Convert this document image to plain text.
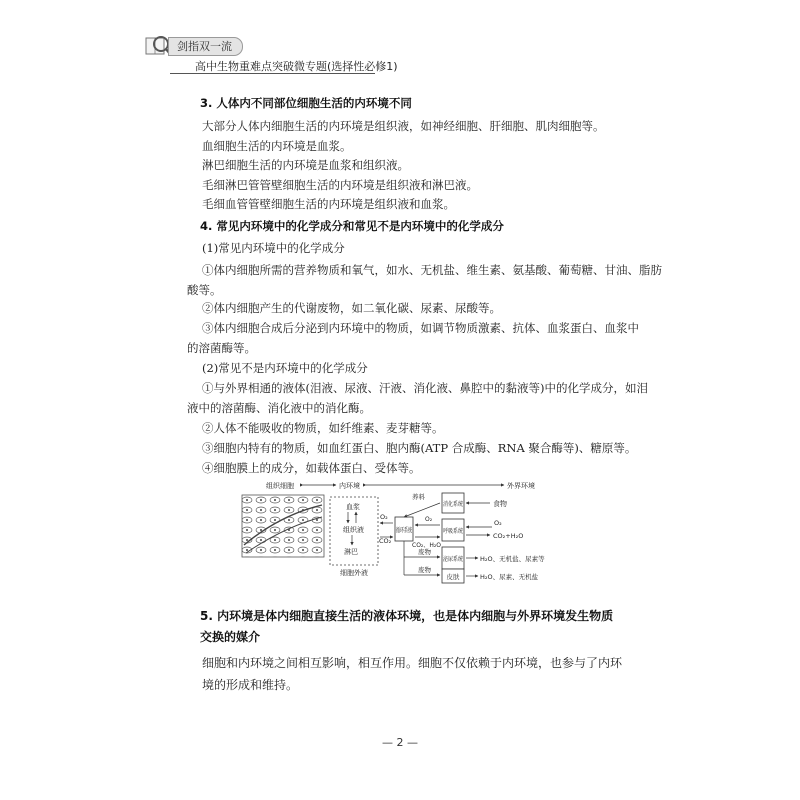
剑指双一流
高中生物重难点突破微专题(选择性必修1)
3. 人体内不同部位细胞生活的内环境不同
大部分人体内细胞生活的内环境是组织液，如神经细胞、肝细胞、肌肉细胞等。
血细胞生活的内环境是血浆。
淋巴细胞生活的内环境是血浆和组织液。
毛细淋巴管管壁细胞生活的内环境是组织液和淋巴液。
毛细血管管壁细胞生活的内环境是组织液和血浆。
4. 常见内环境中的化学成分和常见不是内环境中的化学成分
(1)常见内环境中的化学成分
①体内细胞所需的营养物质和氧气，如水、无机盐、维生素、氨基酸、葡萄糖、甘油、脂肪
酸等。
②体内细胞产生的代谢废物，如二氧化碳、尿素、尿酸等。
③体内细胞合成后分泌到内环境中的物质，如调节物质激素、抗体、血浆蛋白、血浆中
的溶菌酶等。
(2)常见不是内环境中的化学成分
①与外界相通的液体(泪液、尿液、汗液、消化液、鼻腔中的黏液等)中的化学成分，如泪
液中的溶菌酶、消化液中的消化酶。
②人体不能吸收的物质，如纤维素、麦芽糖等。
③细胞内特有的物质，如血红蛋白、胞内酶(ATP 合成酶、RNA 聚合酶等)、糖原等。
④细胞膜上的成分，如载体蛋白、受体等。
组织细胞	内环境	外界环境
血浆
组织液
淋巴
细胞外液
O₂
CO₂
循环系统
养料
消化系统	食物
呼吸系统
O₂
CO₂、H₂O
O₂
CO₂+H₂O
废物
泌尿系统 H₂O、无机盐、尿素等
废物
皮肤	H₂O、尿素、无机盐
5. 内环境是体内细胞直接生活的液体环境，也是体内细胞与外界环境发生物质交换的媒介
细胞和内环境之间相互影响，相互作用。细胞不仅依赖于内环境，也参与了内环境的形成和维持。
— 2 —
